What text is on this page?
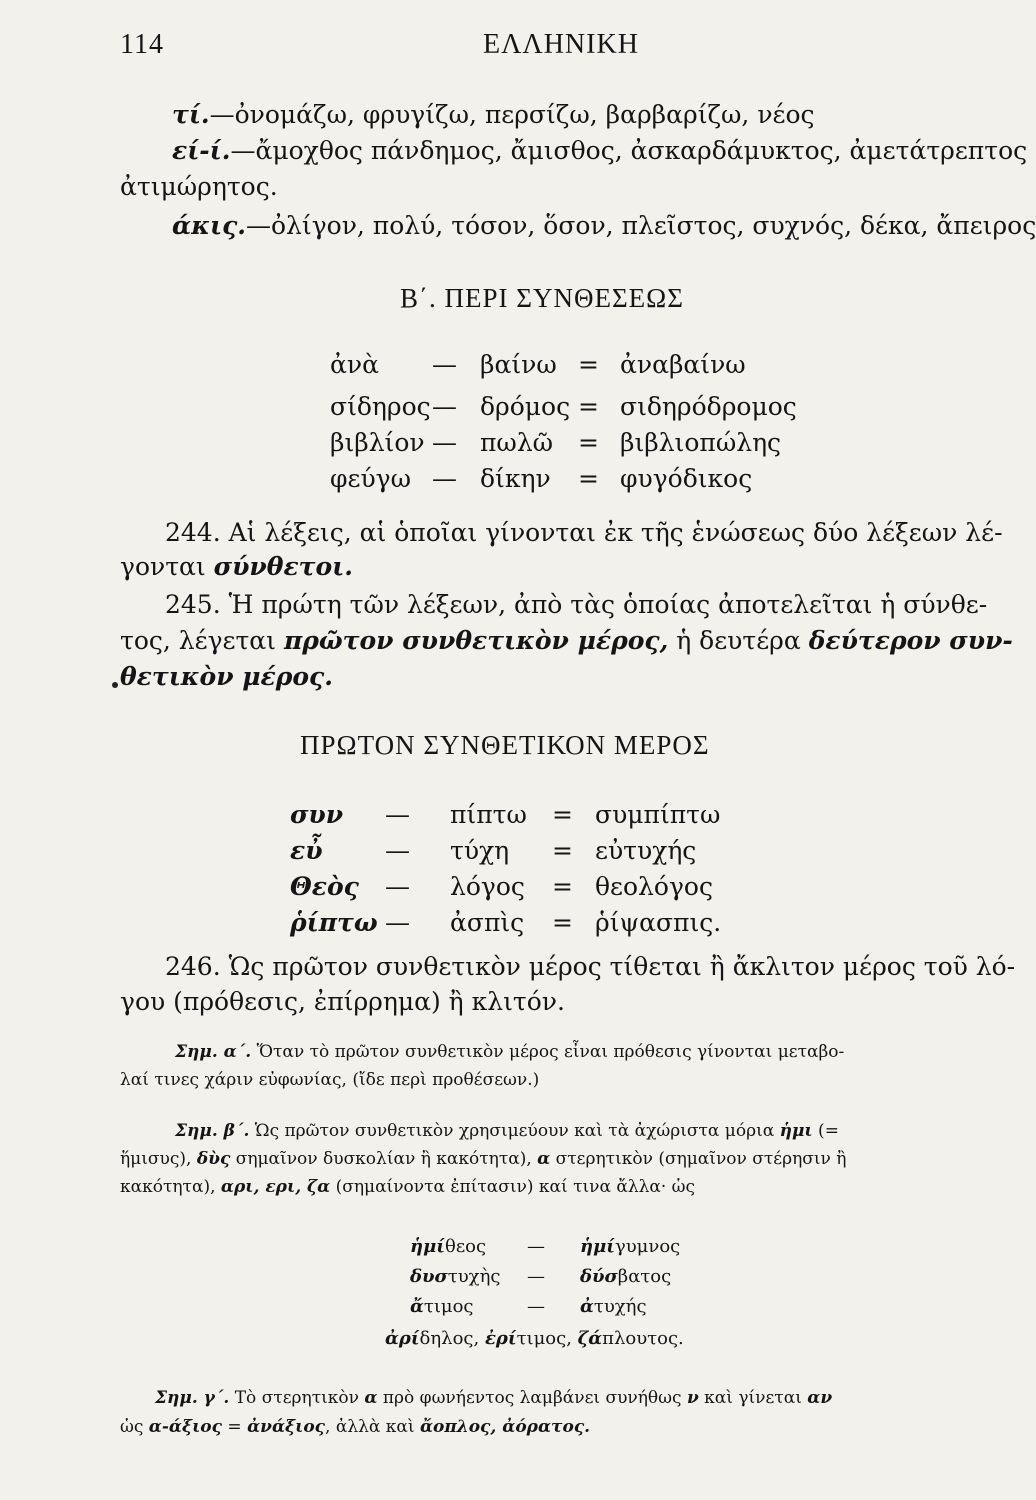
114	ΕΛΛΗΝΙΚΗ
τί.—ὀνομάζω, φρυγίζω, περσίζω, βαρβαρίζω, νέος
εί-ί.—ἄμοχθος πάνδημος, ἄμισθος, ἀσκαρδάμυκτος, ἀμετάτρεπτος
ἀτιμώρητος.
άκις.—ὀλίγον, πολύ, τόσον, ὅσον, πλεῖστος, συχνός, δέκα, ἄπειρος
Β΄. ΠΕΡΙ ΣΥΝΘΕΣΕΩΣ
ἀνὰ — βαίνω = ἀναβαίνω
σίδηρος — δρόμος = σιδηρόδρομος
βιβλίον — πωλῶ = βιβλιοπώλης
φεύγω — δίκην = φυγόδικος
244. Αἱ λέξεις, αἱ ὁποῖαι γίνονται ἐκ τῆς ἑνώσεως δύο λέξεων λέ-
γονται σύνθετοι.
245. Ἡ πρώτη τῶν λέξεων, ἀπὸ τὰς ὁποίας ἀποτελεῖται ἡ σύνθε-
τος, λέγεται πρῶτον συνθετικὸν μέρος, ἡ δευτέρα δεύτερον συν-
θετικὸν μέρος.
ΠΡΩΤΟΝ ΣΥΝΘΕΤΙΚΟΝ ΜΕΡΟΣ
συν — πίπτω = συμπίπτω
εὖ — τύχη = εὐτυχής
Θεὸς — λόγος = θεολόγος
ῥίπτω — ἀσπὶς = ῥίψασπις.
246. Ὡς πρῶτον συνθετικὸν μέρος τίθεται ἢ ἄκλιτον μέρος τοῦ λό-
γου (πρόθεσις, ἐπίρρημα) ἢ κλιτόν.
Σημ. α΄. Ὅταν τὸ πρῶτον συνθετικὸν μέρος εἶναι πρόθεσις γίνονται μεταβο-
λαί τινες χάριν εὐφωνίας, (ἴδε περὶ προθέσεων.)
Σημ. β΄. Ὡς πρῶτον συνθετικὸν χρησιμεύουν καὶ τὰ ἀχώριστα μόρια ἡμι (=
ἥμισυς), δὺς σημαῖνον δυσκολίαν ἢ κακότητα), α στερητικὸν (σημαῖνον στέρησιν ἢ
κακότητα), αρι, ερι, ζα (σημαίνοντα ἐπίτασιν) καί τινα ἄλλα· ὡς
ἡμίθεος — ἡμίγυμνος
δυστυχὴς — δύσβατος
ἄτιμος	— ἀτυχής
ἀρίδηλος, ἐρίτιμος, ζάπλουτος.
Σημ. γ΄. Τὸ στερητικὸν α πρὸ φωνήεντος λαμβάνει συνήθως ν καὶ γίνεται αν
ὡς α-άξιος = ἀνάξιος, ἀλλὰ καὶ ἄοπλος, ἀόρατος.
